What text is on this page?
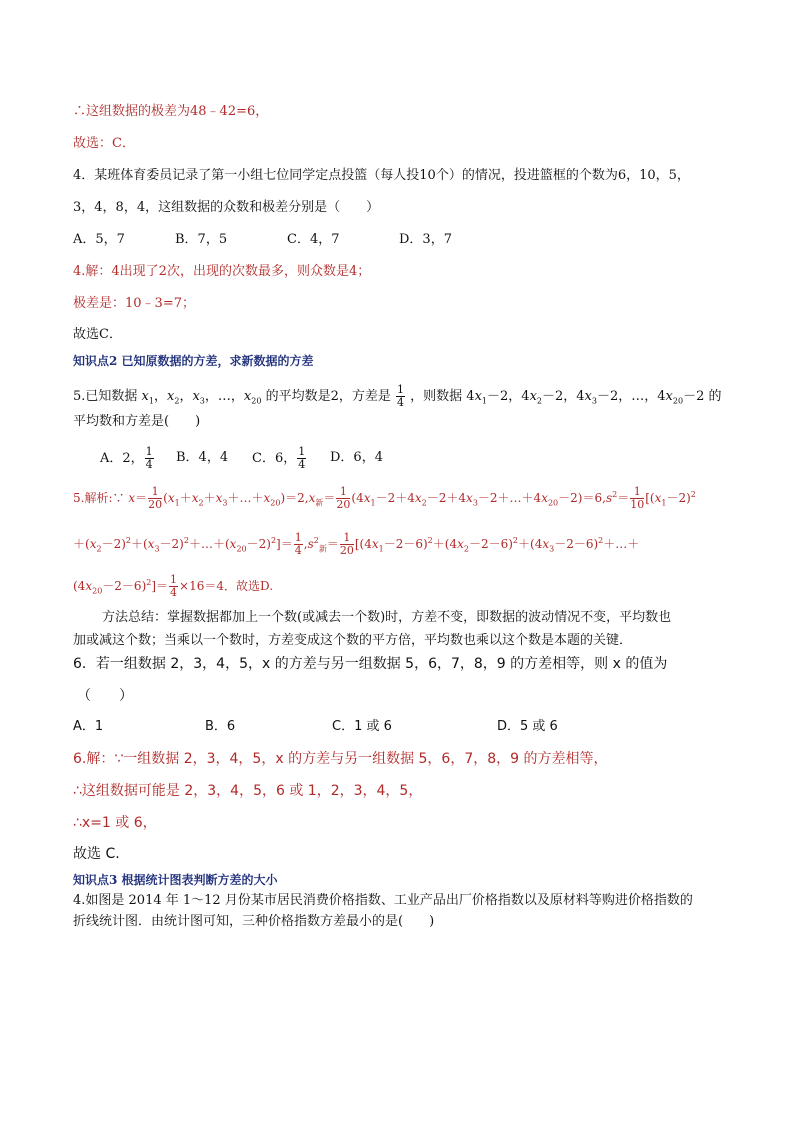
∴这组数据的极差为48﹣42=6，
故选：C．
4．某班体育委员记录了第一小组七位同学定点投篮（每人投10个）的情况，投进篮框的个数为6，10，5，
3，4，8，4，这组数据的众数和极差分别是（　　）
A．5，7	B．7，5	C．4，7	D．3，7
4.解：4出现了2次，出现的次数最多，则众数是4；
极差是：10﹣3=7；
故选C．
知识点2 已知原数据的方差，求新数据的方差
5.已知数据 $x_1$，$x_2$，$x_3$，…，$x_{20}$ 的平均数是2，方差是 $\frac{1}{4}$ ，则数据 $4x_1-2$，$4x_2-2$，$4x_3-2$，…，$4x_{20}-2$ 的
平均数和方差是(　　)
A．2， $\frac{1}{4}$ B．4，4 C．6， $\frac{1}{4}$ D．6，4
5.解析:∵ $x= \frac{1}{20}$ $(x_1+x_2+x_3+\dots+x_{20})=2,x_新= \frac{1}{20}$ $(4x_1-2+4x_2-2+4x_3-2+\dots+4x_{20}-2)=6,s^2= \frac{1}{10} [(x_1-2)^2$
$+(x_2-2)^2+(x_3-2)^2+\dots+(x_{20}-2)^2]= \frac{1}{4} ,s^2_新= \frac{1}{20}$ [$(4x_1-2-6)^2+(4x_2-2-6)^2+(4x_3-2-6)^2+\dots+$
$(4x_{20}-2-6)^2]= \frac{1}{4} \times 16=4$．故选D.
方法总结：掌握数据都加上一个数(或减去一个数)时，方差不变，即数据的波动情况不变，平均数也
加或减这个数；当乘以一个数时，方差变成这个数的平方倍，平均数也乘以这个数是本题的关键．
6．若一组数据 2，3，4，5，x 的方差与另一组数据 5，6，7，8，9 的方差相等，则 x 的值为
（　　）
A．1	B．6	C．1 或 6	D．5 或 6
6.解：∵一组数据 2，3，4，5，x 的方差与另一组数据 5，6，7，8，9 的方差相等，
∴这组数据可能是 2，3，4，5，6 或 1，2，3，4，5，
∴x=1 或 6，
故选 C.
知识点3 根据统计图表判断方差的大小
4.如图是 2014 年 1～12 月份某市居民消费价格指数、工业产品出厂价格指数以及原材料等购进价格指数的
折线统计图．由统计图可知，三种价格指数方差最小的是(　　)
